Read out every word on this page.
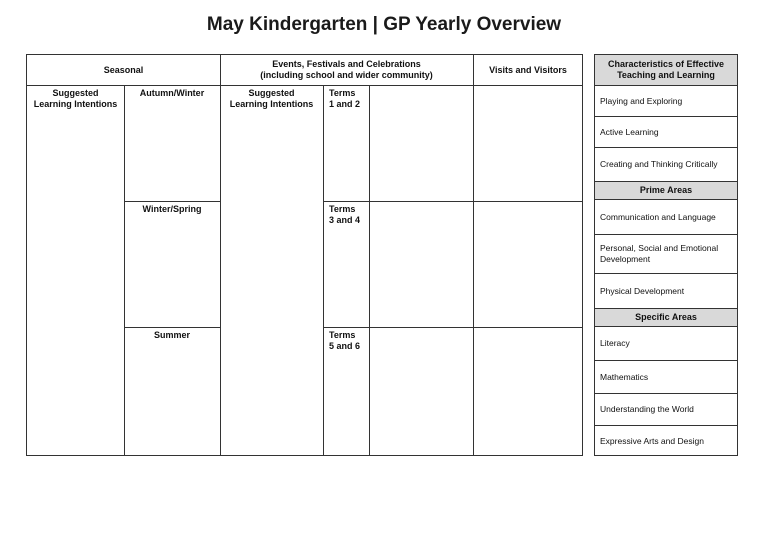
May Kindergarten | GP Yearly Overview
Seasonal
Events, Festivals and Celebrations
(including school and wider community)
Visits and Visitors
Suggested
Learning Intentions
Suggested
Learning Intentions
Autumn/Winter
Winter/Spring
Summer
Terms
1 and 2
Terms
3 and 4
Terms
5 and 6
Characteristics of Effective
Teaching and Learning
Playing and Exploring
Active Learning
Creating and Thinking Critically
Prime Areas
Communication and Language
Personal, Social and Emotional
Development
Physical Development
Specific Areas
Literacy
Mathematics
Understanding the World
Expressive Arts and Design
